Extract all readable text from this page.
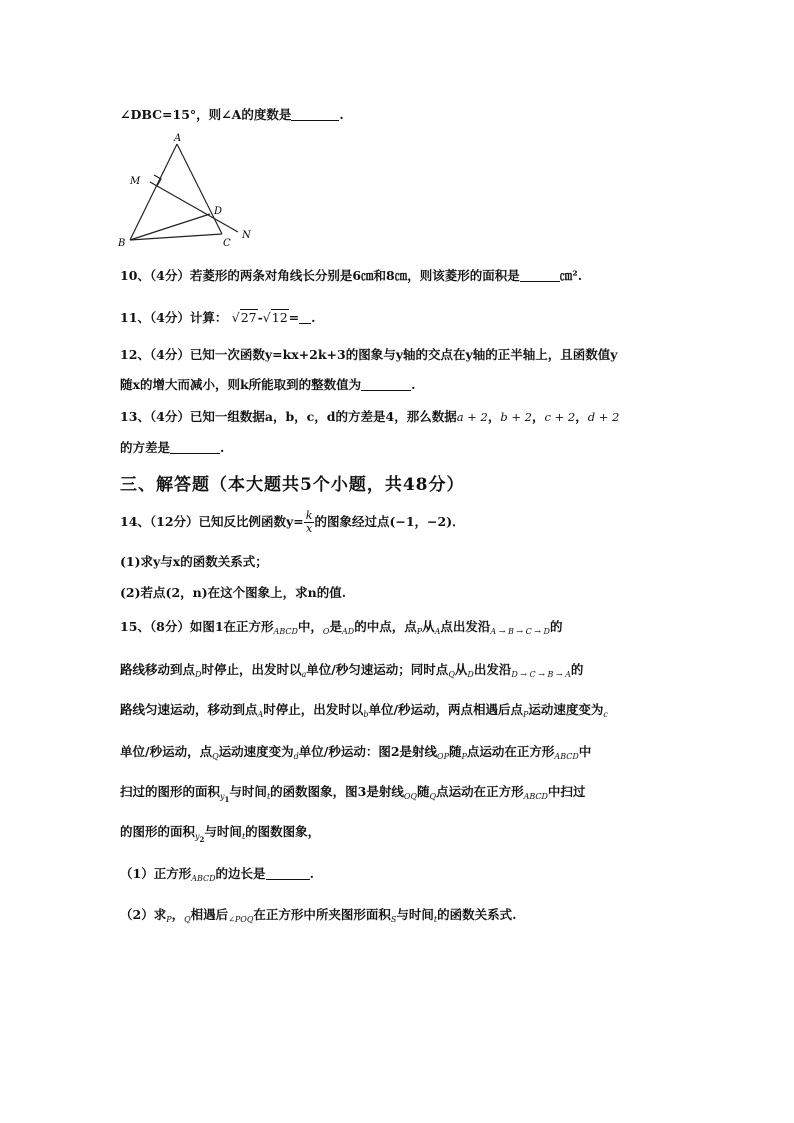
∠DBC=15°，则∠A的度数是	.
A
M
D
B	C
N
10、（4分）若菱形的两条对角线长分别是6㎝和8㎝，则该菱形的面积是	㎝².
11、（4分）计算： √27-√12= .
12、（4分）已知一次函数y=kx+2k+3的图象与y轴的交点在y轴的正半轴上，且函数值y
随x的增大而减小，则k所能取到的整数值为	.
13、（4分）已知一组数据a，b，c，d的方差是4，那么数据a + 2，b + 2，c + 2，d + 2
的方差是	.
三、解答题（本大题共5个小题，共48分）
14、（12分）已知反比例函数$y= \frac{k}{x}$ 的图象经过点(−1，−2)．
(1)求y与x的函数关系式；
(2)若点(2，n)在这个图象上，求n的值.
15、（8分）如图1在正方形$_{ABCD}$中，$_O$是$_{AD}$的中点，点$_P$从$_A$点出发沿$_{A \to B \to C \to D}$的
路线移动到点$_D$时停止，出发时以$_a$单位/秒匀速运动；同时点$_Q$从$_D$出发沿$_{D \to C \to B \to A}$的
路线匀速运动，移动到点$_A$时停止，出发时以$_b$单位/秒运动，两点相遇后点$_P$运动速度变为$_c$
单位/秒运动，点$_Q$运动速度变为$_d$单位/秒运动：图2是射线$_{OP}$随$_P$点运动在正方形$_{ABCD}$中
扫过的图形的面积$_{y1}$与时间$_t$的函数图象，图3是射线$_{OQ}$随$_Q$点运动在正方形$_{ABCD}$中扫过
的图形的面积$_{y2}$与时间$_t$的图数图象，
（1）正方形$_{ABCD}$的边长是	.
（2）求$_P$，$_Q$相遇后$_{\angle POQ}$在正方形中所夹图形面积$_S$与时间$_t$的函数关系式.
